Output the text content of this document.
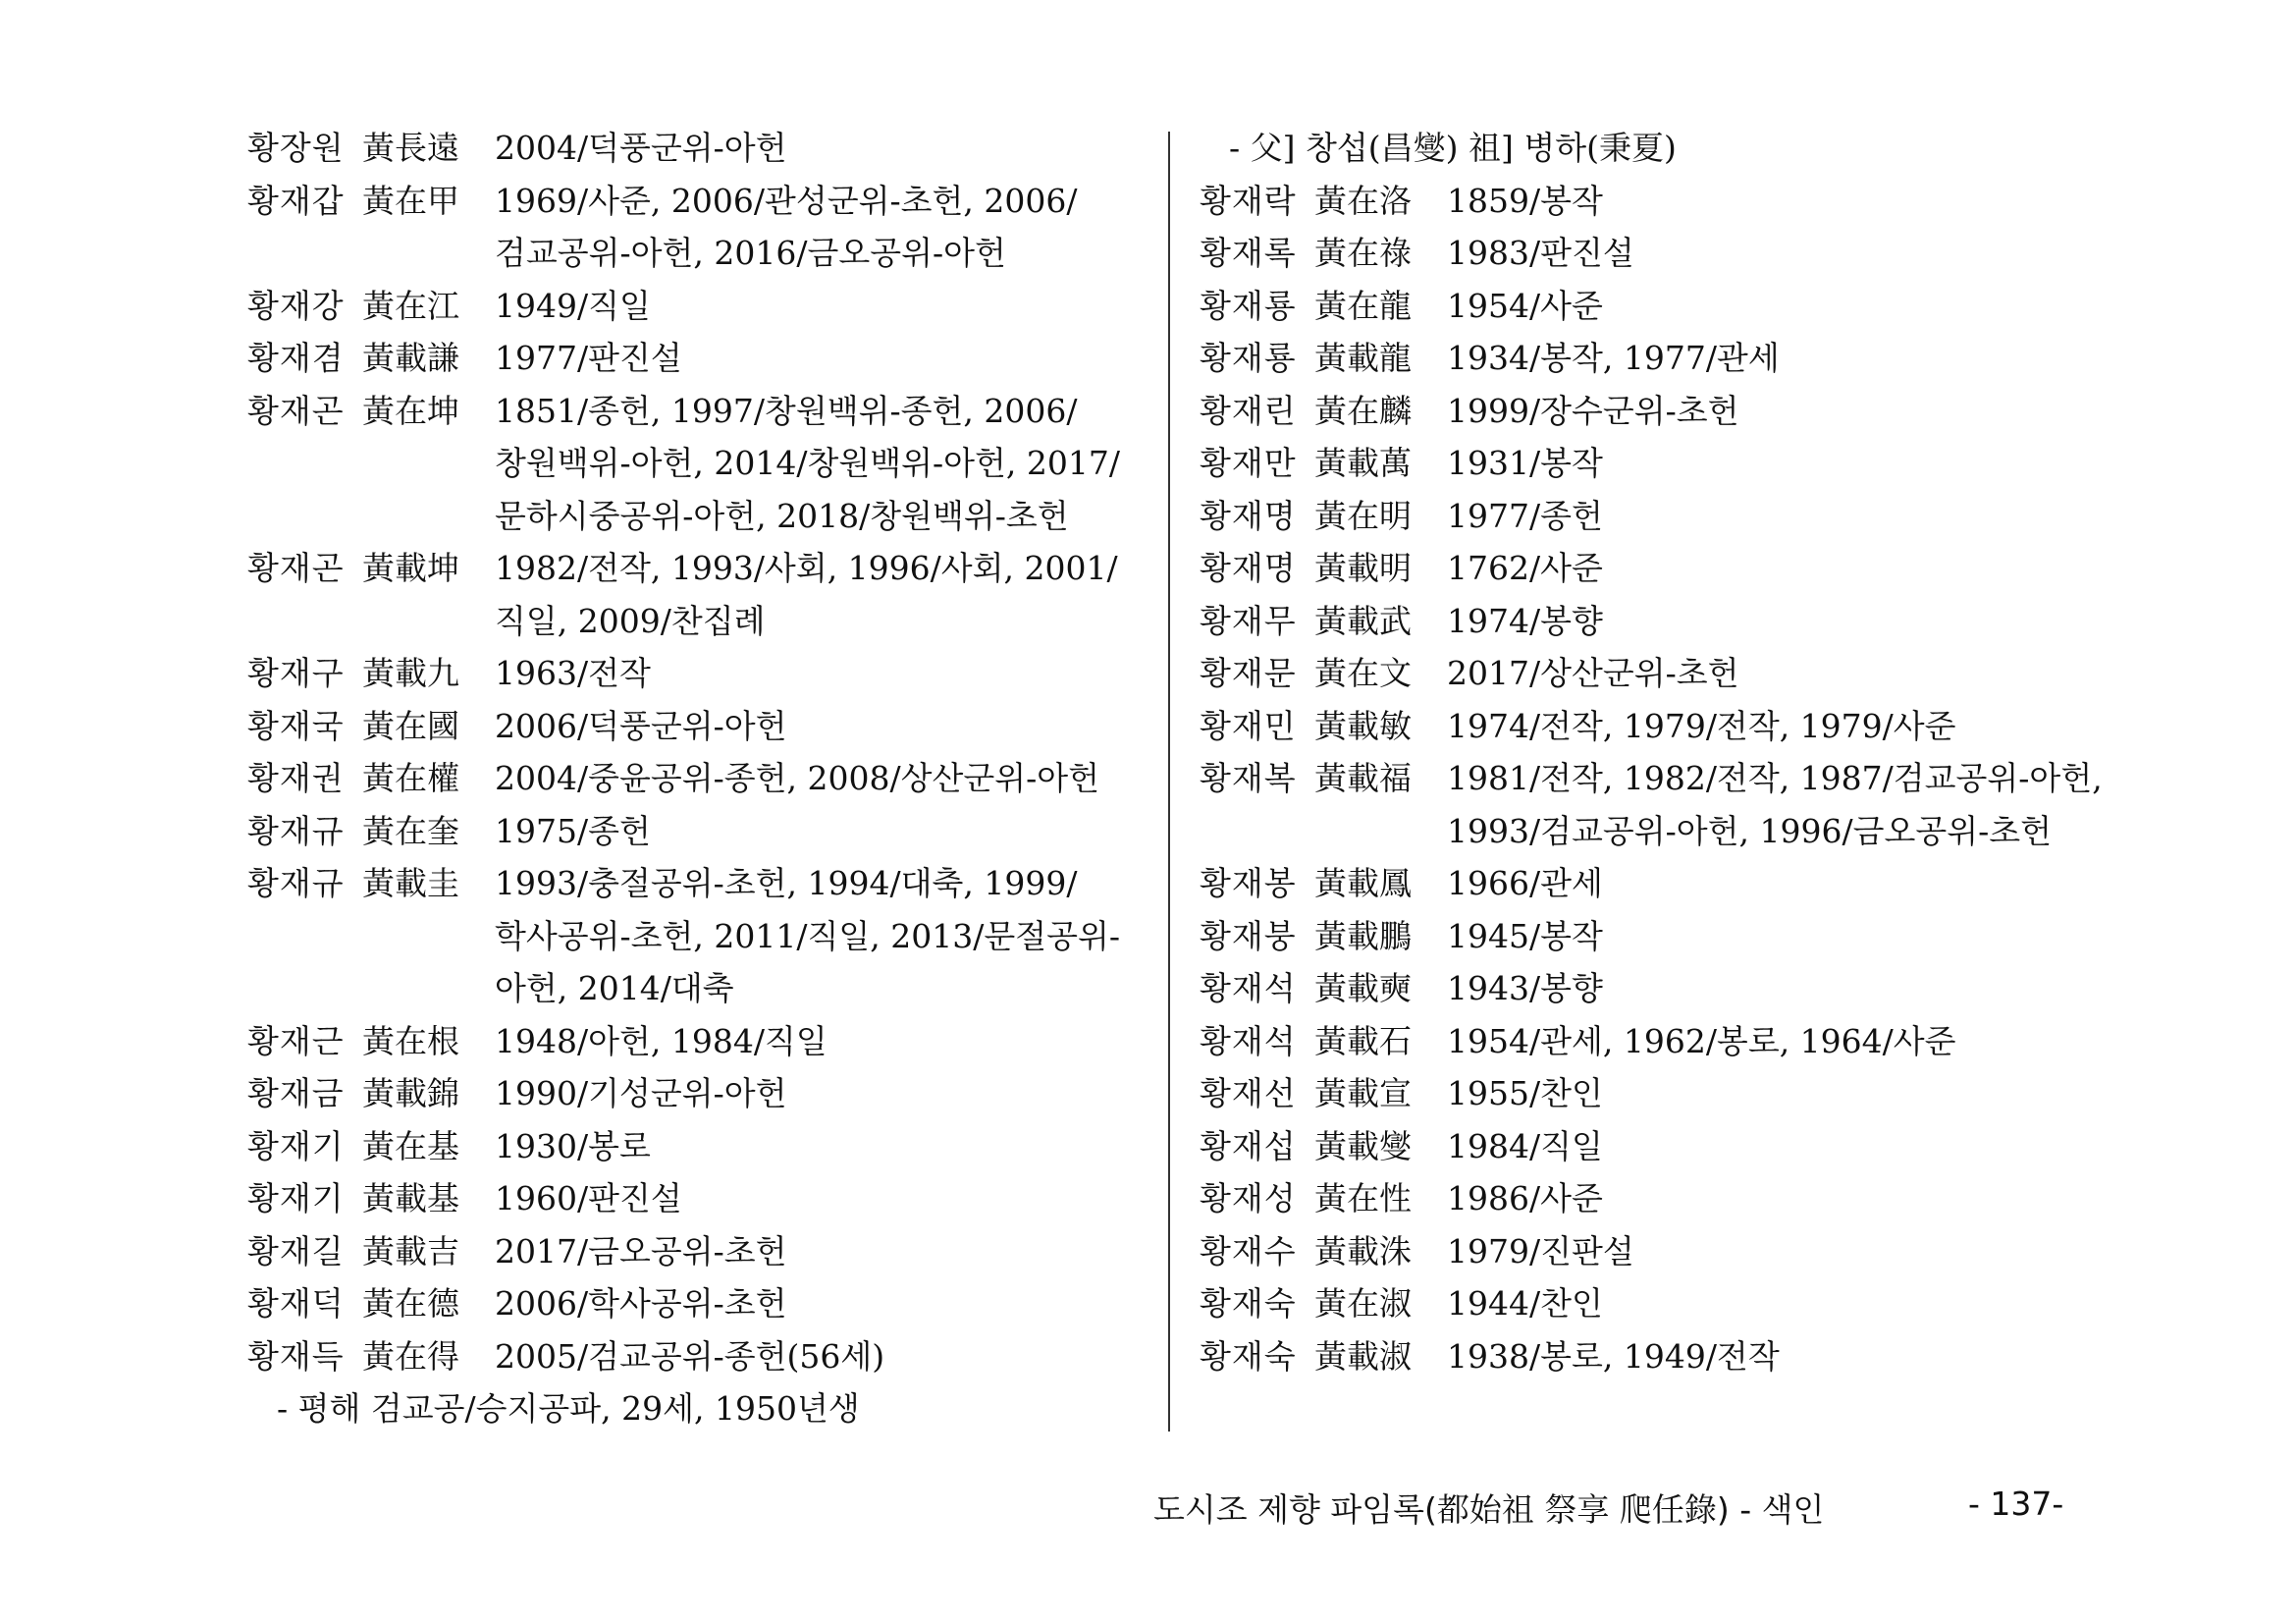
황장원 黃長遠	2004/덕풍군위-아헌
황재갑 黃在甲	1969/사준, 2006/관성군위-초헌, 2006/검교공위-아헌, 2016/금오공위-아헌
황재강 黃在江	1949/직일
황재겸 黃載謙	1977/판진설
황재곤 黃在坤	1851/종헌, 1997/창원백위-종헌, 2006/창원백위-아헌, 2014/창원백위-아헌, 2017/문하시중공위-아헌, 2018/창원백위-초헌
황재곤 黃載坤	1982/전작, 1993/사회, 1996/사회, 2001/직일, 2009/찬집례
황재구 黃載九	1963/전작
황재국 黃在國	2006/덕풍군위-아헌
황재권 黃在權	2004/중윤공위-종헌, 2008/상산군위-아헌
황재규 黃在奎	1975/종헌
황재규 黃載圭	1993/충절공위-초헌, 1994/대축, 1999/학사공위-초헌, 2011/직일, 2013/문절공위-아헌, 2014/대축
황재근 黃在根	1948/아헌, 1984/직일
황재금 黃載錦	1990/기성군위-아헌
황재기 黃在基	1930/봉로
황재기 黃載基	1960/판진설
황재길 黃載吉	2017/금오공위-초헌
황재덕 黃在德	2006/학사공위-초헌
황재득 黃在得	2005/검교공위-종헌(56세)
- 평해 검교공/승지공파, 29세, 1950년생
- 父] 창섭(昌燮) 祖] 병하(秉夏)
황재락 黃在洛	1859/봉작
황재록 黃在祿	1983/판진설
황재룡 黃在龍	1954/사준
황재룡 黃載龍	1934/봉작, 1977/관세
황재린 黃在麟	1999/장수군위-초헌
황재만 黃載萬	1931/봉작
황재명 黃在明	1977/종헌
황재명 黃載明	1762/사준
황재무 黃載武	1974/봉향
황재문 黃在文	2017/상산군위-초헌
황재민 黃載敏	1974/전작, 1979/전작, 1979/사준
황재복 黃載福	1981/전작, 1982/전작, 1987/검교공위-아헌, 1993/검교공위-아헌, 1996/금오공위-초헌
황재봉 黃載鳳	1966/관세
황재붕 黃載鵬	1945/봉작
황재석 黃載奭	1943/봉향
황재석 黃載石	1954/관세, 1962/봉로, 1964/사준
황재선 黃載宣	1955/찬인
황재섭 黃載燮	1984/직일
황재성 黃在性	1986/사준
황재수 黃載洙	1979/진판설
황재숙 黃在淑	1944/찬인
황재숙 黃載淑	1938/봉로, 1949/전작
도시조 제향 파임록(都始祖 祭享 爬任錄) - 색인	- 137-
